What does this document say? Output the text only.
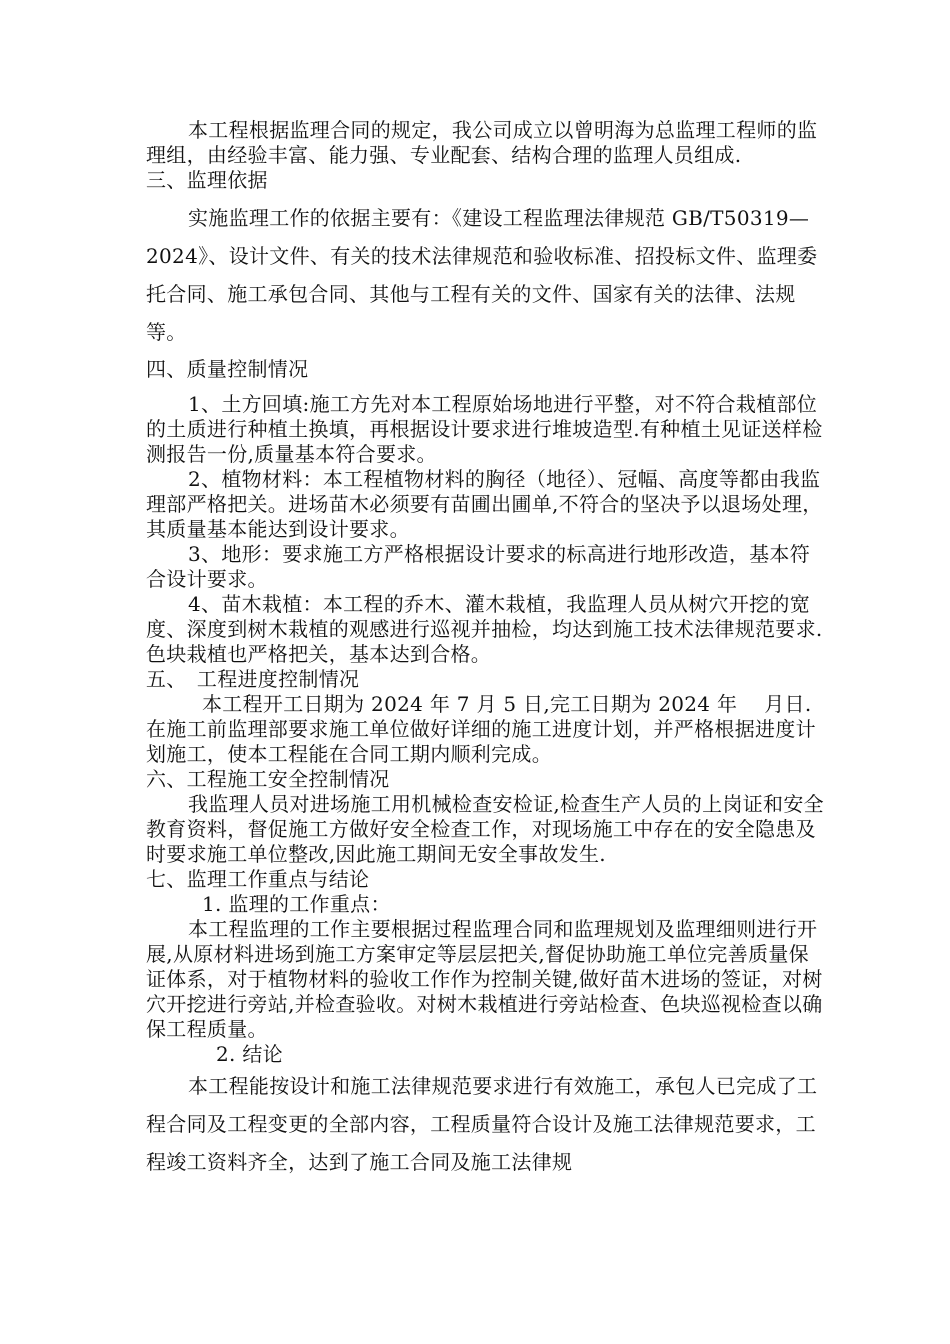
本工程根据监理合同的规定，我公司成立以曾明海为总监理工程师的监理组，由经验丰富、能力强、专业配套、结构合理的监理人员组成.

三、监理依据

实施监理工作的依据主要有：《建设工程监理法律规范 GB/T50319—2024》、设计文件、有关的技术法律规范和验收标准、招投标文件、监理委托合同、施工承包合同、其他与工程有关的文件、国家有关的法律、法规等。

四、质量控制情况

1、土方回填:施工方先对本工程原始场地进行平整，对不符合栽植部位的土质进行种植土换填，再根据设计要求进行堆坡造型.有种植土见证送样检测报告一份,质量基本符合要求。

2、植物材料：本工程植物材料的胸径（地径）、冠幅、高度等都由我监理部严格把关。进场苗木必须要有苗圃出圃单,不符合的坚决予以退场处理，其质量基本能达到设计要求。

3、地形：要求施工方严格根据设计要求的标高进行地形改造，基本符合设计要求。

4、苗木栽植：本工程的乔木、灌木栽植，我监理人员从树穴开挖的宽度、深度到树木栽植的观感进行巡视并抽检，均达到施工技术法律规范要求.色块栽植也严格把关，基本达到合格。

五、　工程进度控制情况

本工程开工日期为 2024 年 7 月 5 日,完工日期为 2024 年　 月日.在施工前监理部要求施工单位做好详细的施工进度计划，并严格根据进度计划施工，使本工程能在合同工期内顺利完成。

六、工程施工安全控制情况

我监理人员对进场施工用机械检查安检证,检查生产人员的上岗证和安全教育资料，督促施工方做好安全检查工作，对现场施工中存在的安全隐患及时要求施工单位整改,因此施工期间无安全事故发生.

七、监理工作重点与结论

1. 监理的工作重点：

本工程监理的工作主要根据过程监理合同和监理规划及监理细则进行开展,从原材料进场到施工方案审定等层层把关,督促协助施工单位完善质量保证体系，对于植物材料的验收工作作为控制关键,做好苗木进场的签证，对树穴开挖进行旁站,并检查验收。对树木栽植进行旁站检查、色块巡视检查以确保工程质量。

2. 结论

本工程能按设计和施工法律规范要求进行有效施工，承包人已完成了工程合同及工程变更的全部内容，工程质量符合设计及施工法律规范要求，工程竣工资料齐全，达到了施工合同及施工法律规
